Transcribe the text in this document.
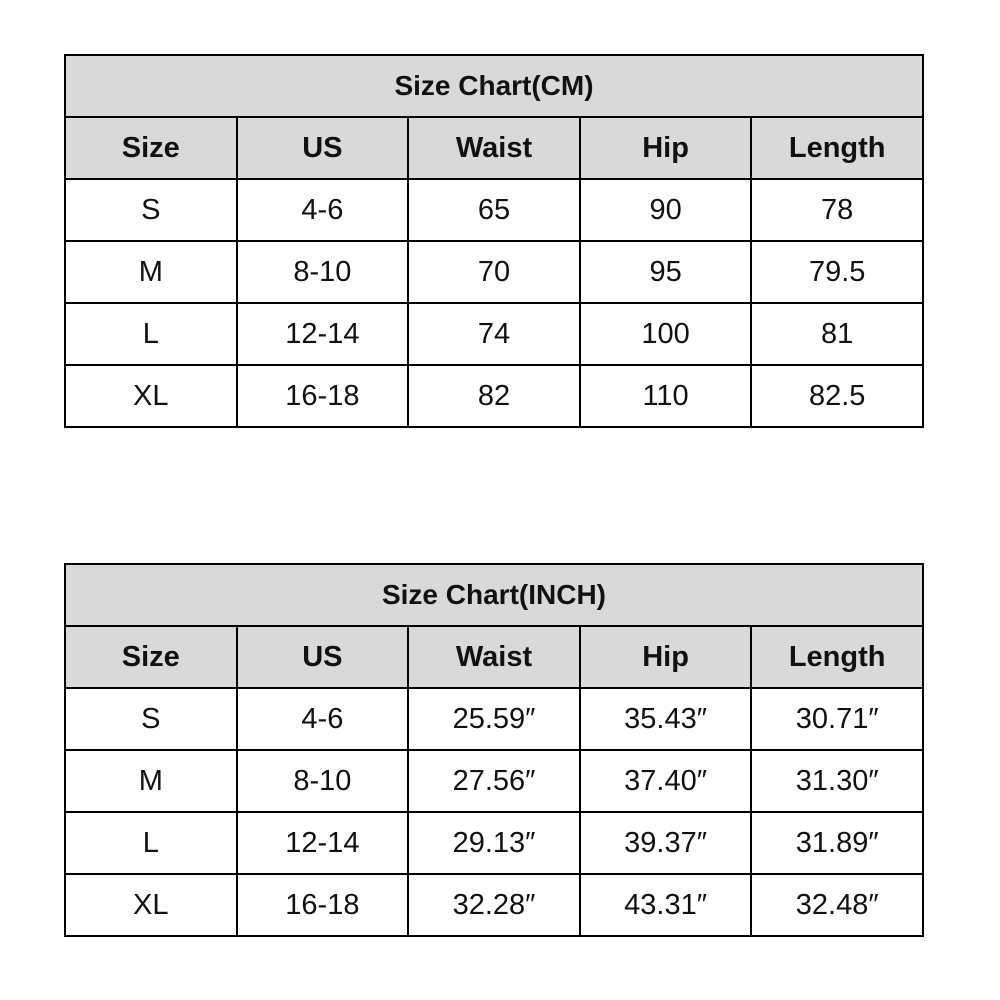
Size Chart(CM)				
Size	US	Waist	Hip	Length
S	4-6	65	90	78
M	8-10	70	95	79.5
L	12-14	74	100	81
XL	16-18	82	110	82.5
Size Chart(INCH)				
Size	US	Waist	Hip	Length
S	4-6	25.59″	35.43″	30.71″
M	8-10	27.56″	37.40″	31.30″
L	12-14	29.13″	39.37″	31.89″
XL	16-18	32.28″	43.31″	32.48″
